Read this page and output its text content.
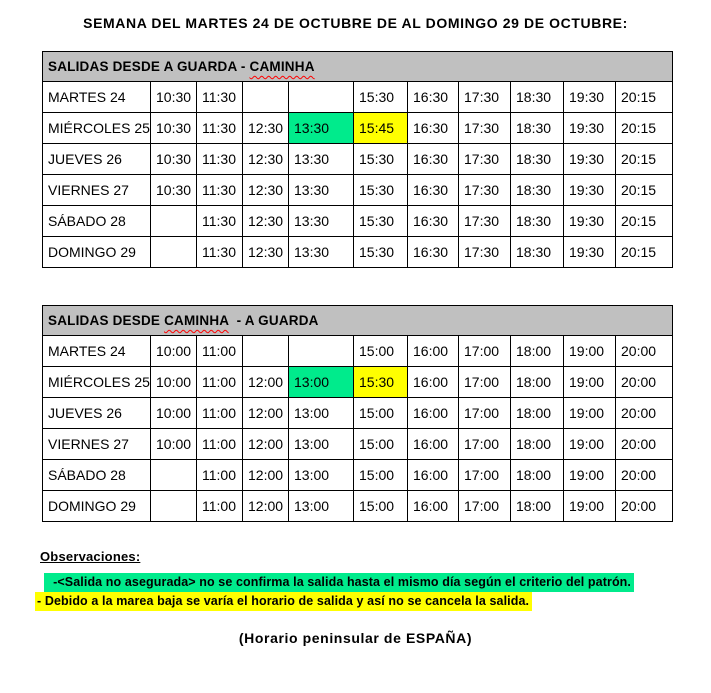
SEMANA DEL MARTES 24 DE OCTUBRE DE AL DOMINGO 29 DE OCTUBRE:
SALIDAS DESDE A GUARDA - CAMINHA										
MARTES 24	10:30	11:30			15:30	16:30	17:30	18:30	19:30	20:15
MIÉRCOLES 25	10:30	11:30	12:30	13:30	15:45	16:30	17:30	18:30	19:30	20:15
JUEVES 26	10:30	11:30	12:30	13:30	15:30	16:30	17:30	18:30	19:30	20:15
VIERNES 27	10:30	11:30	12:30	13:30	15:30	16:30	17:30	18:30	19:30	20:15
SÁBADO 28		11:30	12:30	13:30	15:30	16:30	17:30	18:30	19:30	20:15
DOMINGO 29		11:30	12:30	13:30	15:30	16:30	17:30	18:30	19:30	20:15
SALIDAS DESDE CAMINHA  - A GUARDA										
MARTES 24	10:00	11:00			15:00	16:00	17:00	18:00	19:00	20:00
MIÉRCOLES 25	10:00	11:00	12:00	13:00	15:30	16:00	17:00	18:00	19:00	20:00
JUEVES 26	10:00	11:00	12:00	13:00	15:00	16:00	17:00	18:00	19:00	20:00
VIERNES 27	10:00	11:00	12:00	13:00	15:00	16:00	17:00	18:00	19:00	20:00
SÁBADO 28		11:00	12:00	13:00	15:00	16:00	17:00	18:00	19:00	20:00
DOMINGO 29		11:00	12:00	13:00	15:00	16:00	17:00	18:00	19:00	20:00
Observaciones:
-<Salida no asegurada> no se confirma la salida hasta el mismo día según el criterio del patrón.
- Debido a la marea baja se varía el horario de salida y así no se cancela la salida.
(Horario peninsular de ESPAÑA)
